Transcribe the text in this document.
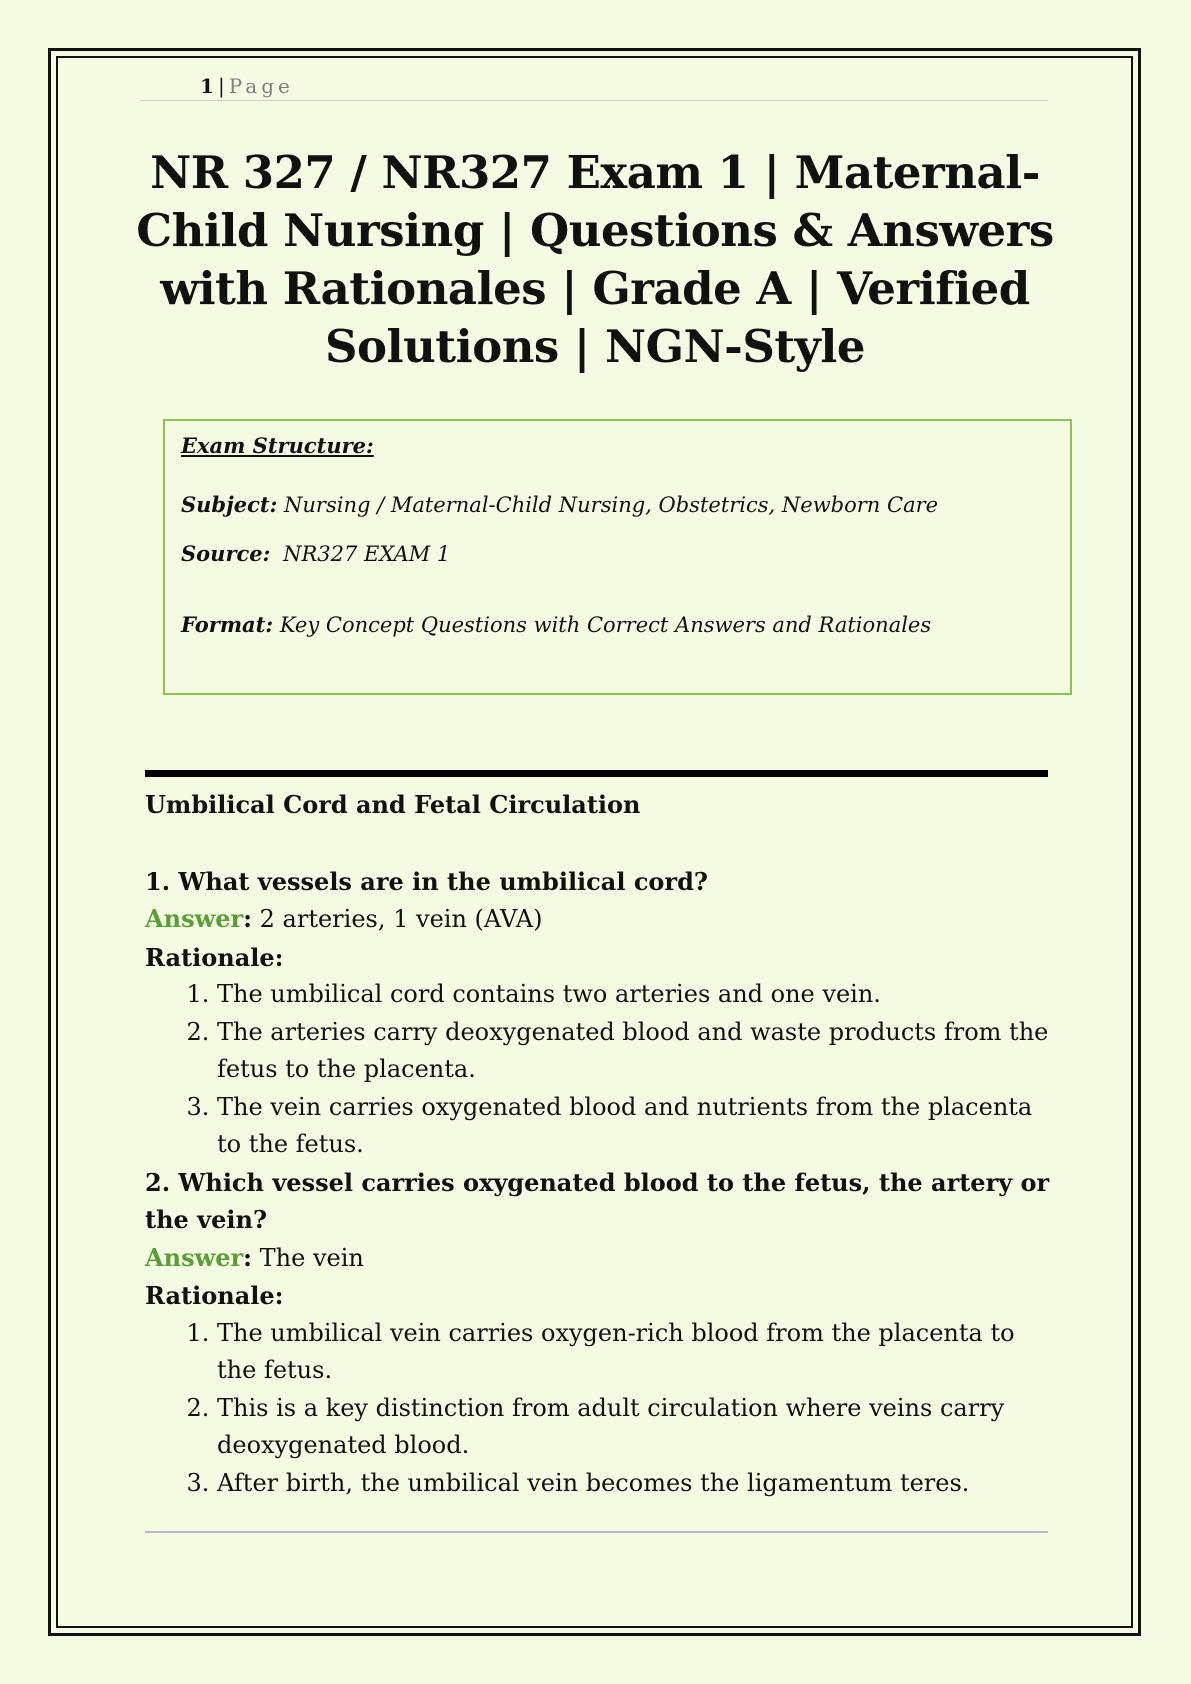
1 | Page
NR 327 / NR327 Exam 1 | Maternal-Child Nursing | Questions & Answers with Rationales | Grade A | Verified Solutions | NGN-Style
Exam Structure:
Subject: Nursing / Maternal-Child Nursing, Obstetrics, Newborn Care
Source: NR327 EXAM 1
Format: Key Concept Questions with Correct Answers and Rationales
Umbilical Cord and Fetal Circulation
1. What vessels are in the umbilical cord?
Answer: 2 arteries, 1 vein (AVA)
Rationale:
1. The umbilical cord contains two arteries and one vein.
2. The arteries carry deoxygenated blood and waste products from the fetus to the placenta.
3. The vein carries oxygenated blood and nutrients from the placenta to the fetus.
2. Which vessel carries oxygenated blood to the fetus, the artery or the vein?
Answer: The vein
Rationale:
1. The umbilical vein carries oxygen-rich blood from the placenta to the fetus.
2. This is a key distinction from adult circulation where veins carry deoxygenated blood.
3. After birth, the umbilical vein becomes the ligamentum teres.
